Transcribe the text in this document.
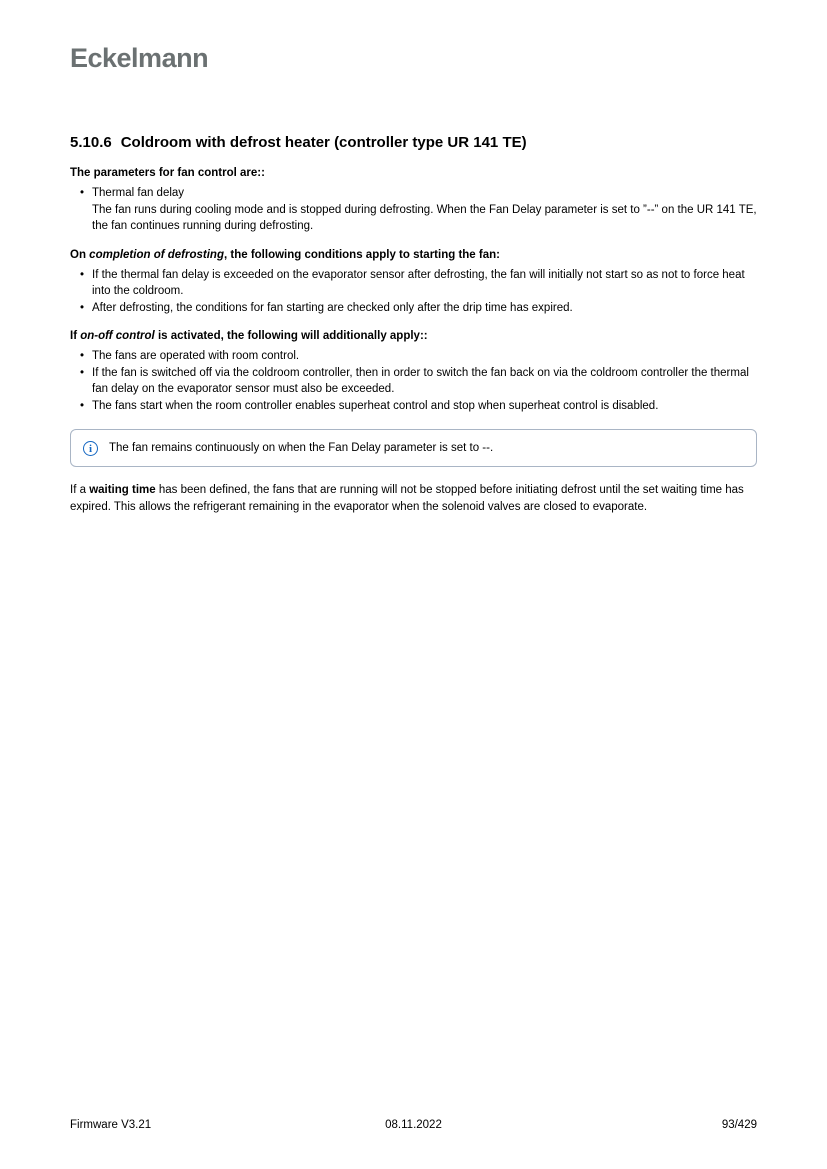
Eckelmann
5.10.6 Coldroom with defrost heater (controller type UR 141 TE)
The parameters for fan control are::
• Thermal fan delay
The fan runs during cooling mode and is stopped during defrosting. When the Fan Delay parameter is set to ”--” on the UR 141 TE, the fan continues running during defrosting.
On completion of defrosting, the following conditions apply to starting the fan:
• If the thermal fan delay is exceeded on the evaporator sensor after defrosting, the fan will initially not start so as not to force heat into the coldroom.
• After defrosting, the conditions for fan starting are checked only after the drip time has expired.
If on-off control is activated, the following will additionally apply::
• The fans are operated with room control.
• If the fan is switched off via the coldroom controller, then in order to switch the fan back on via the coldroom controller the thermal fan delay on the evaporator sensor must also be exceeded.
• The fans start when the room controller enables superheat control and stop when superheat control is disabled.
i	The fan remains continuously on when the Fan Delay parameter is set to --.
If a waiting time has been defined, the fans that are running will not be stopped before initiating defrost until the set waiting time has expired. This allows the refrigerant remaining in the evaporator when the solenoid valves are closed to evaporate.
Firmware V3.21	08.11.2022	93/429
